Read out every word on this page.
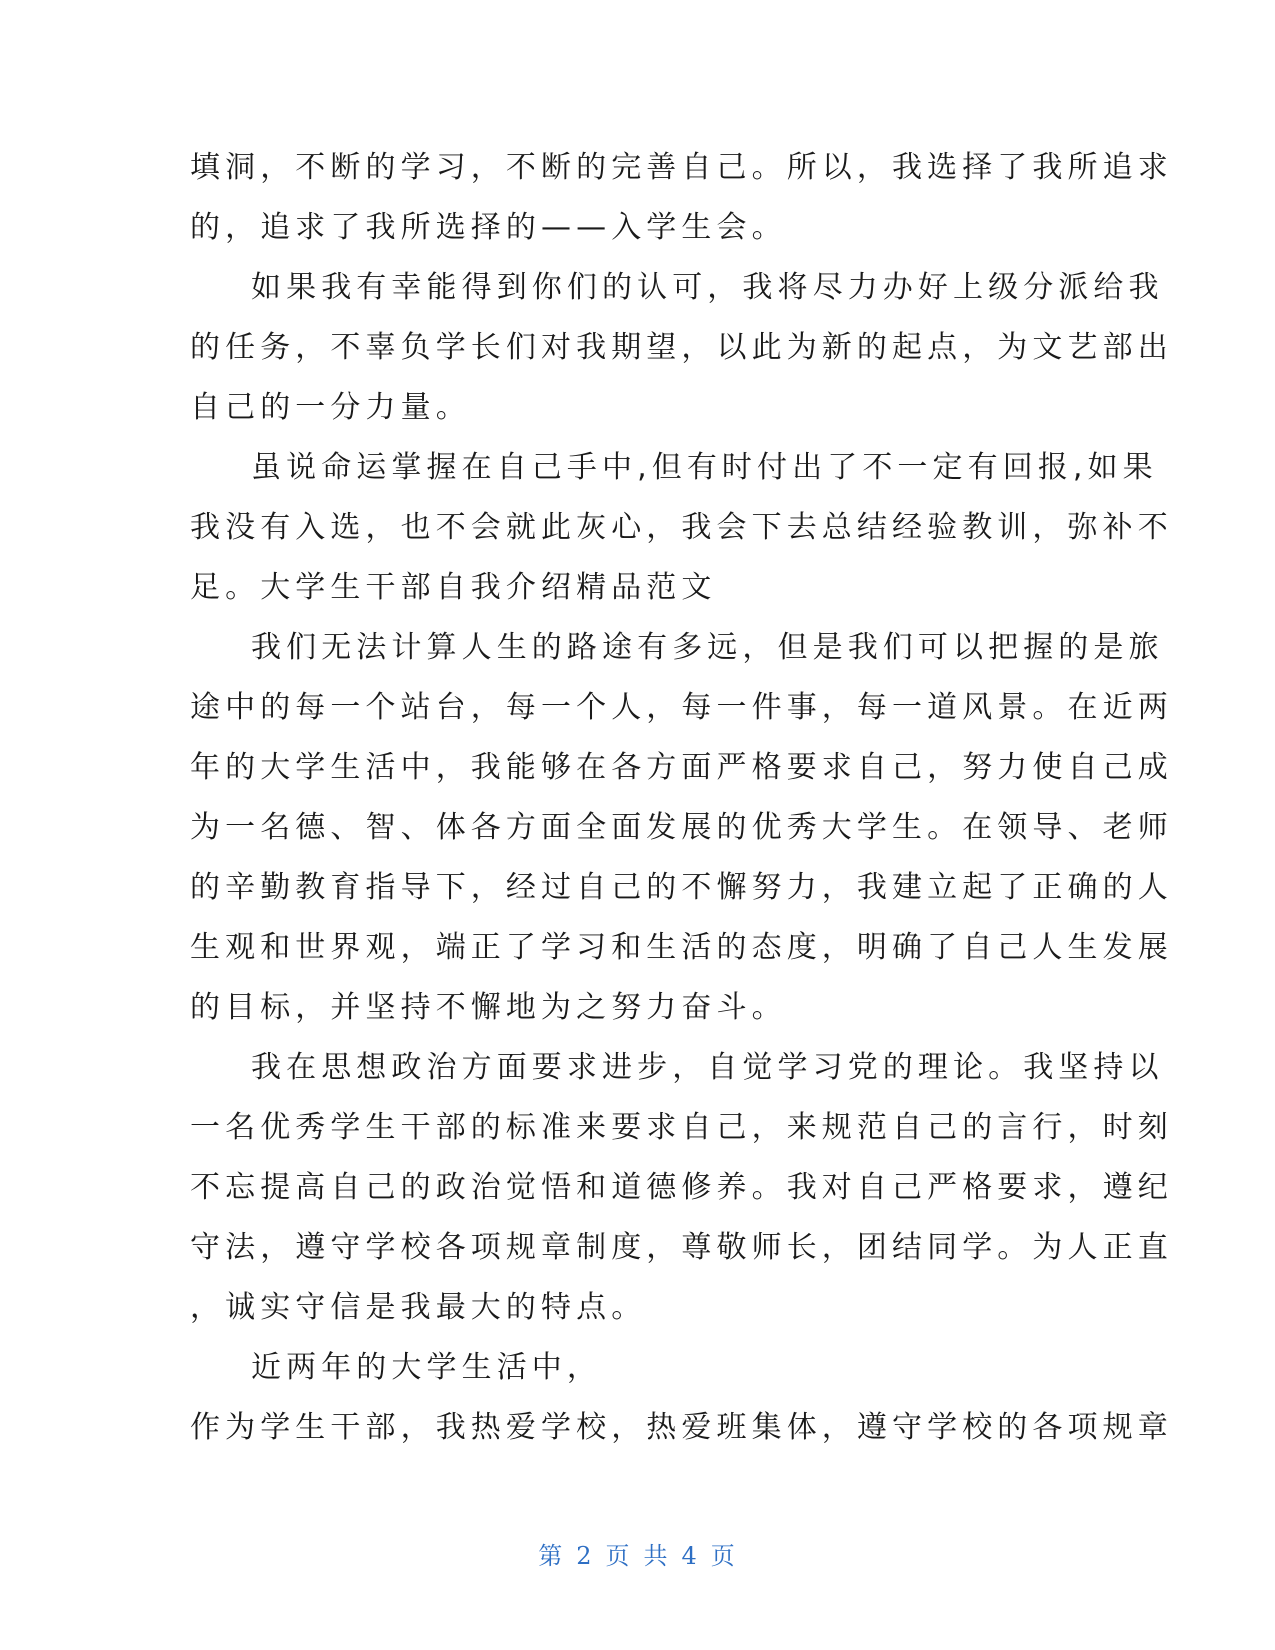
填洞，不断的学习，不断的完善自己。所以，我选择了我所追求
的，追求了我所选择的——入学生会。
如果我有幸能得到你们的认可，我将尽力办好上级分派给我
的任务，不辜负学长们对我期望，以此为新的起点，为文艺部出
自己的一分力量。
虽说命运掌握在自己手中,但有时付出了不一定有回报,如果
我没有入选，也不会就此灰心，我会下去总结经验教训，弥补不
足。大学生干部自我介绍精品范文
我们无法计算人生的路途有多远，但是我们可以把握的是旅
途中的每一个站台，每一个人，每一件事，每一道风景。在近两
年的大学生活中，我能够在各方面严格要求自己，努力使自己成
为一名德、智、体各方面全面发展的优秀大学生。在领导、老师
的辛勤教育指导下，经过自己的不懈努力，我建立起了正确的人
生观和世界观，端正了学习和生活的态度，明确了自己人生发展
的目标，并坚持不懈地为之努力奋斗。
我在思想政治方面要求进步，自觉学习党的理论。我坚持以
一名优秀学生干部的标准来要求自己，来规范自己的言行，时刻
不忘提高自己的政治觉悟和道德修养。我对自己严格要求，遵纪
守法，遵守学校各项规章制度，尊敬师长，团结同学。为人正直
，诚实守信是我最大的特点。
近两年的大学生活中，
作为学生干部，我热爱学校，热爱班集体，遵守学校的各项规章
第 2 页 共 4 页
